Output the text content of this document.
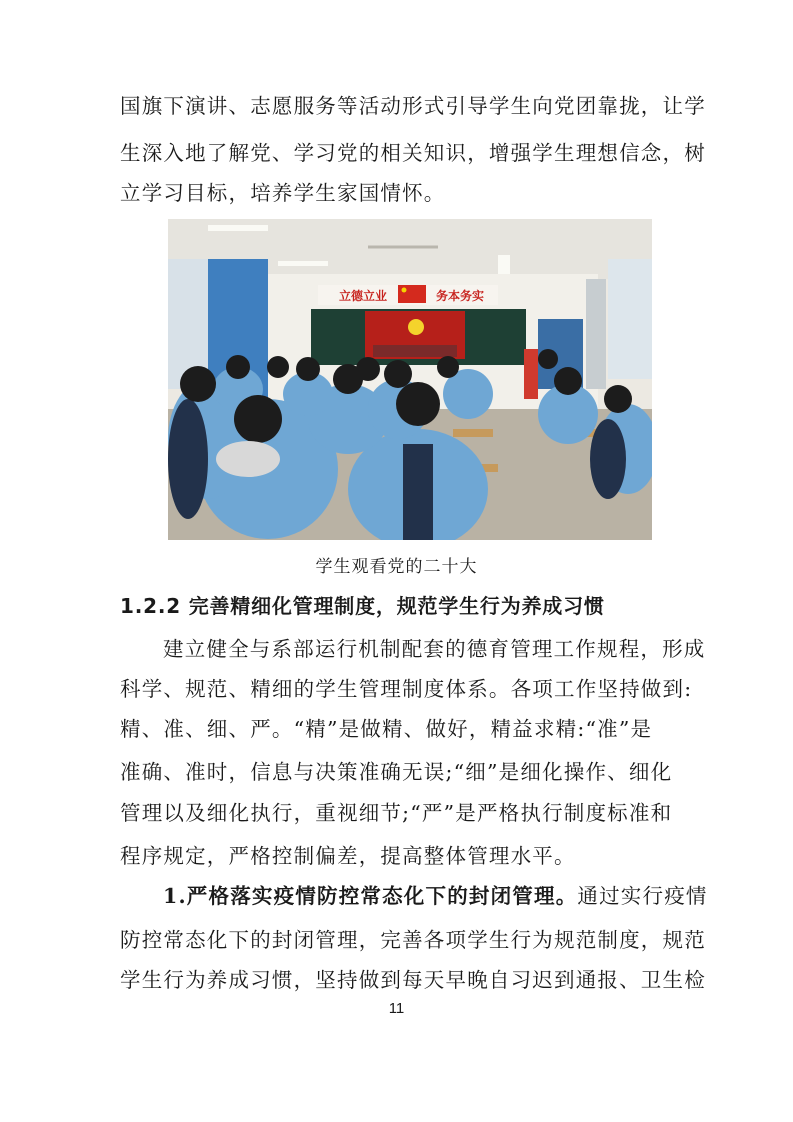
国旗下演讲、志愿服务等活动形式引导学生向党团靠拢，让学
生深入地了解党、学习党的相关知识，增强学生理想信念，树
立学习目标，培养学生家国情怀。
立德立业	务本务实
学生观看党的二十大
1.2.2 完善精细化管理制度，规范学生行为养成习惯
建立健全与系部运行机制配套的德育管理工作规程，形成
科学、规范、精细的学生管理制度体系。各项工作坚持做到:
精、准、细、严。“精”是做精、做好，精益求精:“准”是
准确、准时，信息与决策准确无误;“细”是细化操作、细化
管理以及细化执行，重视细节;“严”是严格执行制度标准和
程序规定，严格控制偏差，提高整体管理水平。
1.严格落实疫情防控常态化下的封闭管理。通过实行疫情
防控常态化下的封闭管理，完善各项学生行为规范制度，规范
学生行为养成习惯，坚持做到每天早晚自习迟到通报、卫生检
11
